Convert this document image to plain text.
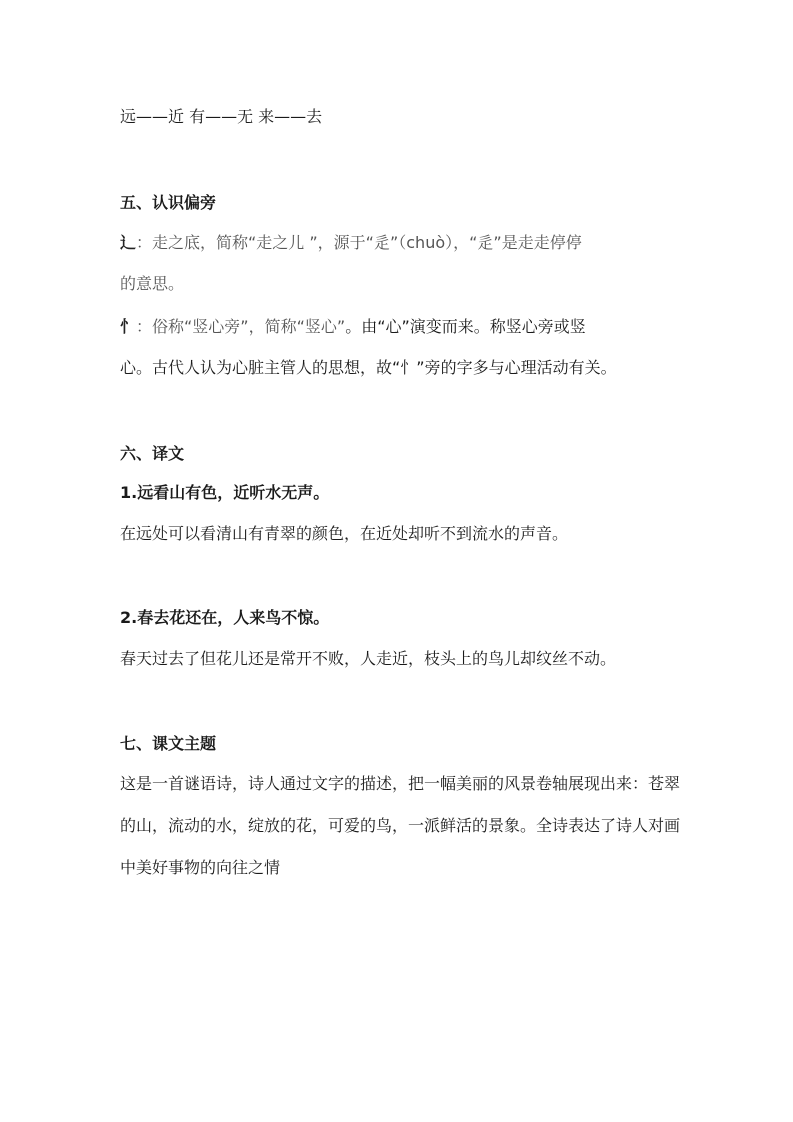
远——近 有——无 来——去
五、认识偏旁
辶：走之底，简称“走之儿 ”，源于“辵”（chuò），“辵”是走走停停
的意思。
忄：俗称“竖心旁”，简称“竖心”。由“心”演变而来。称竖心旁或竖
心。古代人认为心脏主管人的思想，故“忄”旁的字多与心理活动有关。
六、译文
1.远看山有色，近听水无声。
在远处可以看清山有青翠的颜色，在近处却听不到流水的声音。
2.春去花还在，人来鸟不惊。
春天过去了但花儿还是常开不败，人走近，枝头上的鸟儿却纹丝不动。
七、课文主题
这是一首谜语诗，诗人通过文字的描述，把一幅美丽的风景卷轴展现出来：苍翠
的山，流动的水，绽放的花，可爱的鸟，一派鲜活的景象。全诗表达了诗人对画
中美好事物的向往之情
